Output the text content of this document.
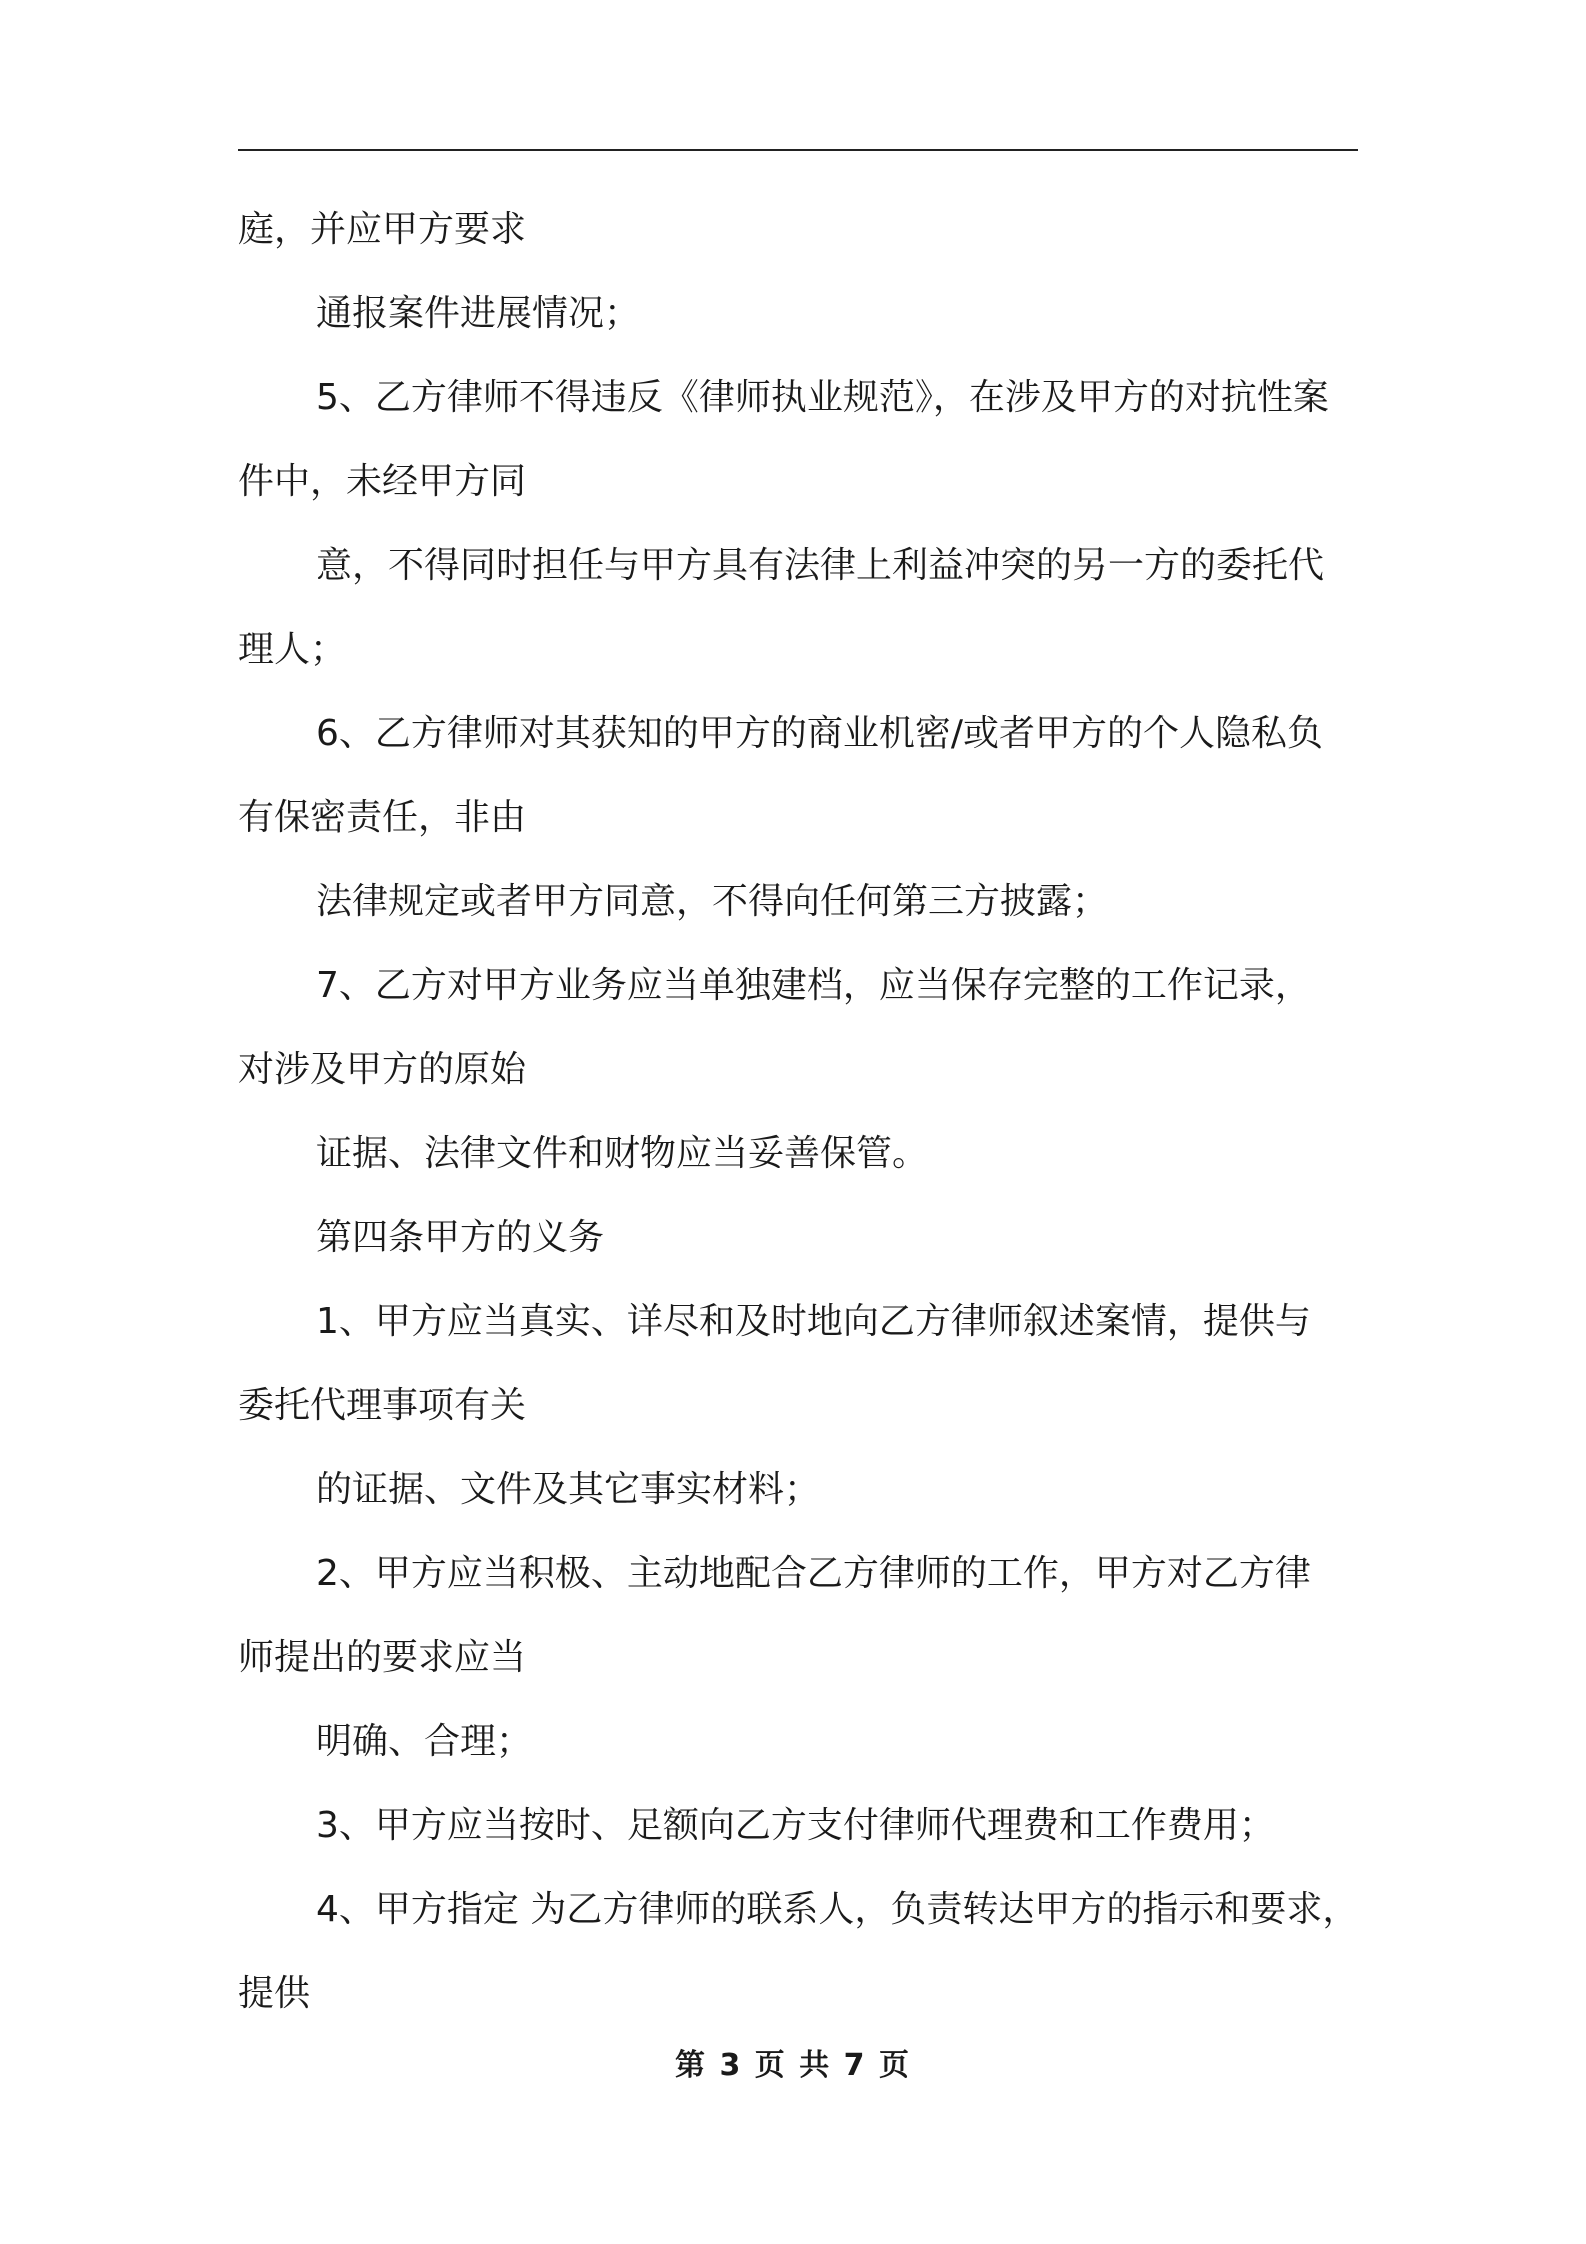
庭，并应甲方要求
通报案件进展情况；
5、乙方律师不得违反《律师执业规范》，在涉及甲方的对抗性案
件中，未经甲方同
意，不得同时担任与甲方具有法律上利益冲突的另一方的委托代
理人；
6、乙方律师对其获知的甲方的商业机密/或者甲方的个人隐私负
有保密责任，非由
法律规定或者甲方同意，不得向任何第三方披露；
7、乙方对甲方业务应当单独建档，应当保存完整的工作记录，
对涉及甲方的原始
证据、法律文件和财物应当妥善保管。
第四条甲方的义务
1、甲方应当真实、详尽和及时地向乙方律师叙述案情，提供与
委托代理事项有关
的证据、文件及其它事实材料；
2、甲方应当积极、主动地配合乙方律师的工作，甲方对乙方律
师提出的要求应当
明确、合理；
3、甲方应当按时、足额向乙方支付律师代理费和工作费用；
4、甲方指定 为乙方律师的联系人，负责转达甲方的指示和要求，
提供
第 3 页 共 7 页
